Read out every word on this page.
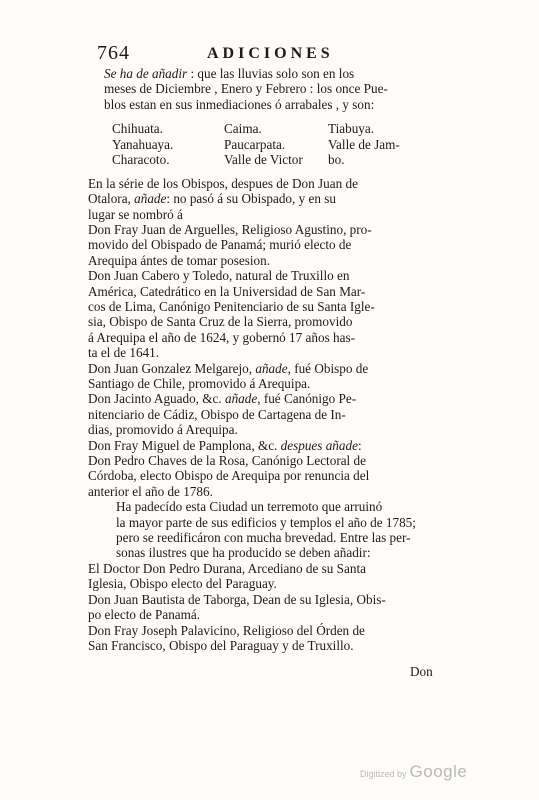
764	ADICIONES

Se ha de añadir : que las lluvias solo son en los
meses de Diciembre , Enero y Febrero : los once Pue-
blos estan en sus inmediaciones ó arrabales , y son:

Chihuata.	Caima.	Tiabuya.
Yanahuaya.	Paucarpata.	Valle de Jam-
Characoto.	Valle de Victor	bo.

En la série de los Obispos, despues de Don Juan de
Otalora, añade: no pasó á su Obispado, y en su
lugar se nombró á

Don Fray Juan de Arguelles, Religioso Agustino, pro-
movido del Obispado de Panamá; murió electo de
Arequipa ántes de tomar posesion.

Don Juan Cabero y Toledo, natural de Truxillo en
América, Catedrático en la Universidad de San Mar-
cos de Lima, Canónigo Penitenciario de su Santa Igle-
sia, Obispo de Santa Cruz de la Sierra, promovido
á Arequipa el año de 1624, y gobernó 17 años has-
ta el de 1641.

Don Juan Gonzalez Melgarejo, añade, fué Obispo de
Santiago de Chile, promovido á Arequipa.

Don Jacinto Aguado, &c. añade, fué Canónigo Pe-
nitenciario de Cádiz, Obispo de Cartagena de In-
dias, promovido á Arequipa.

Don Fray Miguel de Pamplona, &c. despues añade:

Don Pedro Chaves de la Rosa, Canónigo Lectoral de
Córdoba, electo Obispo de Arequipa por renuncia del
anterior el año de 1786.

Ha padecído esta Ciudad un terremoto que arruinó
la mayor parte de sus edificios y templos el año de 1785;
pero se reedificáron con mucha brevedad. Entre las per-
sonas ilustres que ha producido se deben añadir:

El Doctor Don Pedro Durana, Arcediano de su Santa
Iglesia, Obispo electo del Paraguay.

Don Juan Bautista de Taborga, Dean de su Iglesia, Obis-
po electo de Panamá.

Don Fray Joseph Palavicino, Religioso del Órden de
San Francisco, Obispo del Paraguay y de Truxillo.

Don
Digitized by Google
